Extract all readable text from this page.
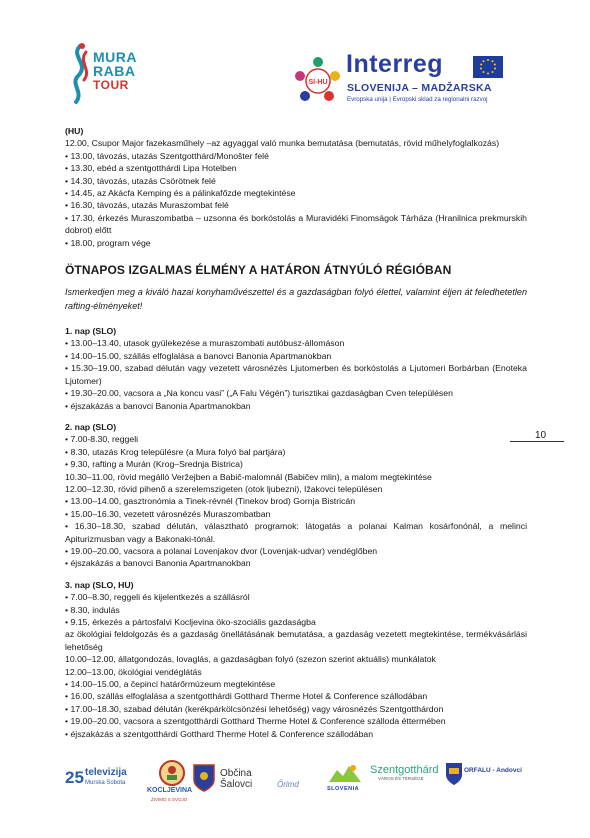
MURA
RABA
TOUR	SI-HU
Interreg
SLOVENIJA – MADŽARSKA
Evropska unija | Evropski sklad za regionalni razvoj
(HU)
12.00, Csupor Major fazekasműhely –az agyaggal való munka bemutatása (bemutatás, rövid műhelyfoglalkozás)
• 13.00, távozás, utazás Szentgotthárd/Monošter felé
• 13.30, ebéd a szentgotthárdi Lipa Hotelben
• 14.30, távozás, utazás Csörötnek felé
• 14.45, az Akácfa Kemping és a pálinkafőzde megtekintése
• 16.30, távozás, utazás Muraszombat felé
• 17.30, érkezés Muraszombatba – uzsonna és borkóstolás a Muravidéki Finomságok Tárháza (Hranilnica prekmurskih dobrot) előtt
• 18.00, program vége
ÖTNAPOS IZGALMAS ÉLMÉNY A HATÁRON ÁTNYÚLÓ RÉGIÓBAN
Ismerkedjen meg a kiváló hazai konyhaművészettel és a gazdaságban folyó élettel, valamint éljen át feledhetetlen rafting-élményeket!
1. nap (SLO)
• 13.00–13.40, utasok gyülekezése a muraszombati autóbusz-állomáson
• 14.00–15.00, szállás elfoglalása a banovci Banonia Apartmanokban
• 15.30–19.00, szabad délután vagy vezetett városnézés Ljutomerben és borkóstolás a Ljutomeri Borbárban (Enoteka Ljutomer)
• 19.30–20.00, vacsora a „Na koncu vasi” („A Falu Végén”) turisztikai gazdaságban Cven településen
• éjszakázás a banovci Banonia Apartmanokban
2. nap (SLO)
• 7.00-8.30, reggeli
• 8.30, utazás Krog településre (a Mura folyó bal partjára)
• 9.30, rafting a Murán (Krog–Srednja Bistrica)
10.30–11.00, rövid megálló Veržejben a Babič-malomnál (Babičev mlin), a malom megtekintése
12.00–12.30, rövid pihenő a szerelemszigeten (otok ljubezni), Ižakovci településen
• 13.00–14.00, gasztronómia a Tinek-révnél (Tinekov brod) Gornja Bistricán
• 15.00–16.30, vezetett városnézés Muraszombatban
• 16.30–18.30, szabad délután, választható programok: látogatás a polanai Kalman kosárfonónál, a melinci Apiturizmusban vagy a Bakonaki-tónál.
• 19.00–20.00, vacsora a polanai Lovenjakov dvor (Lovenjak-udvar) vendéglőben
• éjszakázás a banovci Banonia Apartmanokban
3. nap (SLO, HU)
• 7.00–8.30, reggeli és kijelentkezés a szállásról
• 8.30, indulás
• 9.15, érkezés a pártosfalvi Kocljevina öko-szociális gazdaságba
az ökológiai feldolgozás és a gazdaság önellátásának bemutatása, a gazdaság vezetett megtekintése, termékvásárlási lehetőség
10.00–12.00, állatgondozás, lovaglás, a gazdaságban folyó (szezon szerint aktuális) munkálatok
12.00–13.00, ökológiai vendéglátás
• 14.00–15.00, a čepinci határőrmúzeum megtekintése
• 16.00, szállás elfoglalása a szentgotthárdi Gotthard Therme Hotel & Conference szállodában
• 17.00–18.30, szabad délután (kerékpárkölcsönzési lehetőség) vagy városnézés Szentgotthárdon
• 19.00–20.00, vacsora a szentgotthárdi Gotthard Therme Hotel & Conference szálloda éttermében
• éjszakázás a szentgotthárdi Gotthard Therme Hotel & Conference szállodában
10
25 televizija
Murska Sobota
KOCLJEVINA
ŽIVIMO S SVOJO
Občina
Šalovci	Őrimd	SLOVENIA
Szentgotthárd
VÁROS ÉS TÉRSÉGE
ORFALU - Andovci
